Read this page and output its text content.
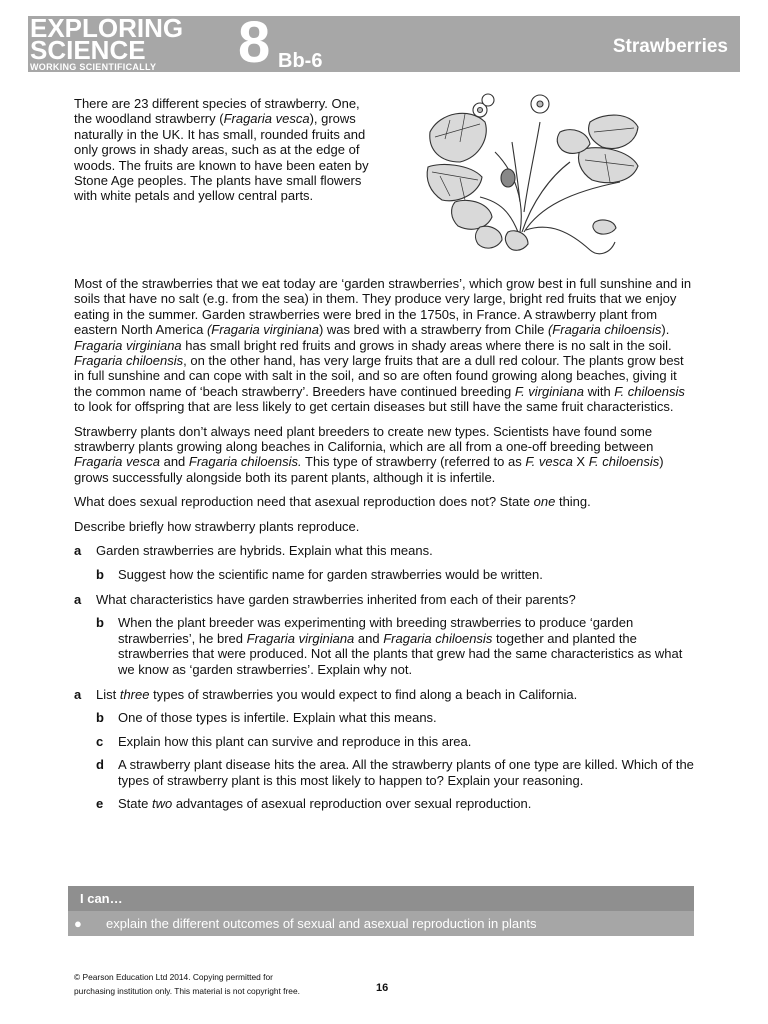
EXPLORING
SCIENCE
WORKING SCIENTIFICALLY 8 Bb-6
Strawberries
There are 23 different species of strawberry. One, the woodland strawberry (Fragaria vesca), grows naturally in the UK. It has small, rounded fruits and only grows in shady areas, such as at the edge of woods. The fruits are known to have been eaten by Stone Age peoples. The plants have small flowers with white petals and yellow central parts.

Most of the strawberries that we eat today are ‘garden strawberries’, which grow best in full sunshine and in soils that have no salt (e.g. from the sea) in them. They produce very large, bright red fruits that we enjoy eating in the summer. Garden strawberries were bred in the 1750s, in France. A strawberry plant from eastern North America (Fragaria virginiana) was bred with a strawberry from Chile (Fragaria chiloensis). Fragaria virginiana has small bright red fruits and grows in shady areas where there is no salt in the soil. Fragaria chiloensis, on the other hand, has very large fruits that are a dull red colour. The plants grow best in full sunshine and can cope with salt in the soil, and so are often found growing along beaches, giving it the common name of ‘beach strawberry’. Breeders have continued breeding F. virginiana with F. chiloensis to look for offspring that are less likely to get certain diseases but still have the same fruit characteristics.

Strawberry plants don’t always need plant breeders to create new types. Scientists have found some strawberry plants growing along beaches in California, which are all from a one-off breeding between Fragaria vesca and Fragaria chiloensis. This type of strawberry (referred to as F. vesca X F. chiloensis) grows successfully alongside both its parent plants, although it is infertile.

What does sexual reproduction need that asexual reproduction does not? State one thing.

Describe briefly how strawberry plants reproduce.

a	Garden strawberries are hybrids. Explain what this means.
b	Suggest how the scientific name for garden strawberries would be written.
a	What characteristics have garden strawberries inherited from each of their parents?
b	When the plant breeder was experimenting with breeding strawberries to produce ‘garden strawberries’, he bred Fragaria virginiana and Fragaria chiloensis together and planted the strawberries that were produced. Not all the plants that grew had the same characteristics as what we know as ‘garden strawberries’. Explain why not.
a	List three types of strawberries you would expect to find along a beach in California.
b	One of those types is infertile. Explain what this means.
c	Explain how this plant can survive and reproduce in this area.
d	A strawberry plant disease hits the area. All the strawberry plants of one type are killed. Which of the types of strawberry plant is this most likely to happen to? Explain your reasoning.
e	State two advantages of asexual reproduction over sexual reproduction.
I can…
● explain the different outcomes of sexual and asexual reproduction in plants
© Pearson Education Ltd 2014. Copying permitted for
purchasing institution only. This material is not copyright free.	16
